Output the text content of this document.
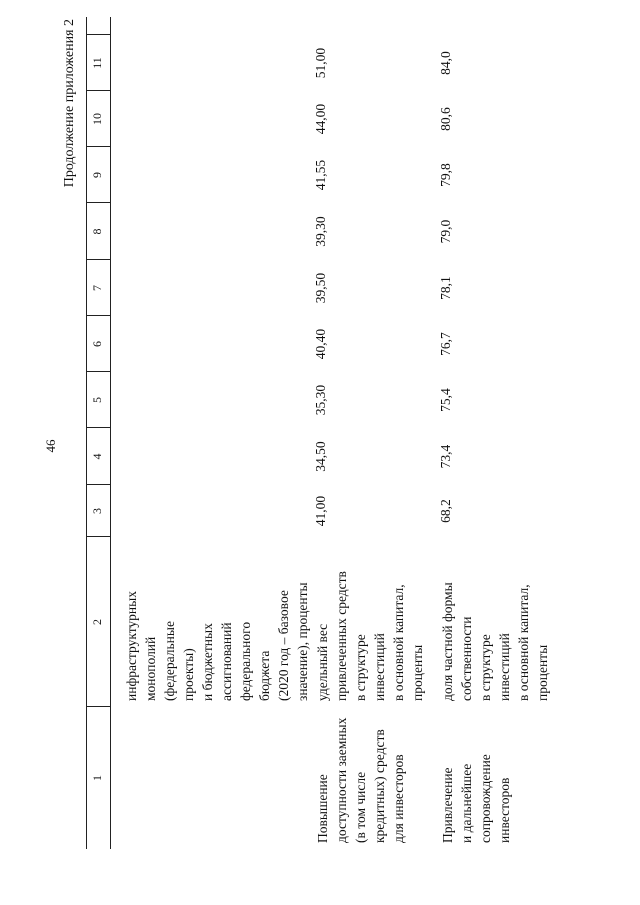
46
Продолжение приложения 2
1
2
3
4
5
6
7
8
9
10
11
инфраструктурных
монополий
(федеральные
проекты)
и бюджетных
ассигнований
федерального
бюджета
(2020 год – базовое
значение), проценты
Повышение
доступности заемных
(в том числе
кредитных) средств
для инвесторов
удельный вес
привлеченных средств
в структуре
инвестиций
в основной капитал,
проценты
41,00
34,50
35,30
40,40
39,50
39,30
41,55
44,00
51,00
Привлечение
и дальнейшее
сопровождение
инвесторов
доля частной формы
собственности
в структуре
инвестиций
в основной капитал,
проценты
68,2
73,4
75,4
76,7
78,1
79,0
79,8
80,6
84,0
